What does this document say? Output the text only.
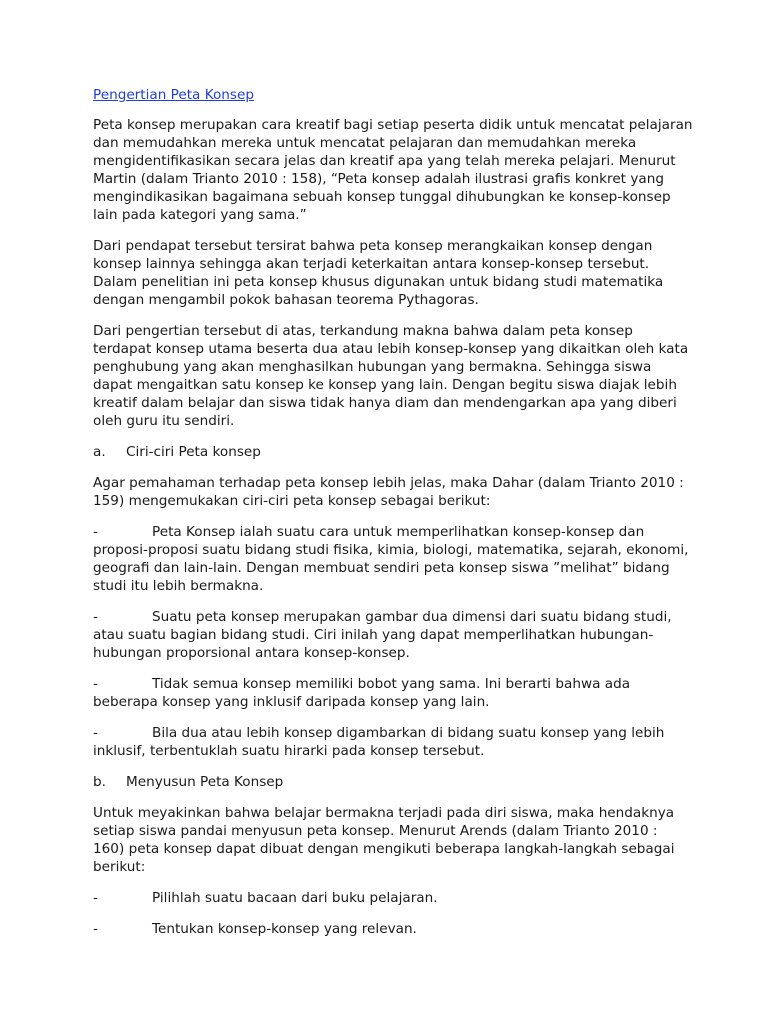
Pengertian Peta Konsep

Peta konsep merupakan cara kreatif bagi setiap peserta didik untuk mencatat pelajaran dan memudahkan mereka untuk mencatat pelajaran dan memudahkan mereka mengidentifikasikan secara jelas dan kreatif apa yang telah mereka pelajari. Menurut Martin (dalam Trianto 2010 : 158), “Peta konsep adalah ilustrasi grafis konkret yang mengindikasikan bagaimana sebuah konsep tunggal dihubungkan ke konsep-konsep lain pada kategori yang sama.”

Dari pendapat tersebut tersirat bahwa peta konsep merangkaikan konsep dengan konsep lainnya sehingga akan terjadi keterkaitan antara konsep-konsep tersebut. Dalam penelitian ini peta konsep khusus digunakan untuk bidang studi matematika dengan mengambil pokok bahasan teorema Pythagoras.

Dari pengertian tersebut di atas, terkandung makna bahwa dalam peta konsep terdapat konsep utama beserta dua atau lebih konsep-konsep yang dikaitkan oleh kata penghubung yang akan menghasilkan hubungan yang bermakna. Sehingga siswa dapat mengaitkan satu konsep ke konsep yang lain. Dengan begitu siswa diajak lebih kreatif dalam belajar dan siswa tidak hanya diam dan mendengarkan apa yang diberi oleh guru itu sendiri.

a. Ciri-ciri Peta konsep

Agar pemahaman terhadap peta konsep lebih jelas, maka Dahar (dalam Trianto 2010 : 159) mengemukakan ciri-ciri peta konsep sebagai berikut:

-	Peta Konsep ialah suatu cara untuk memperlihatkan konsep-konsep dan proposi-proposi suatu bidang studi fisika, kimia, biologi, matematika, sejarah, ekonomi, geografi dan lain-lain. Dengan membuat sendiri peta konsep siswa ”melihat” bidang studi itu lebih bermakna.
-	Suatu peta konsep merupakan gambar dua dimensi dari suatu bidang studi, atau suatu bagian bidang studi. Ciri inilah yang dapat memperlihatkan hubungan-hubungan proporsional antara konsep-konsep.
-	Tidak semua konsep memiliki bobot yang sama. Ini berarti bahwa ada beberapa konsep yang inklusif daripada konsep yang lain.
-	Bila dua atau lebih konsep digambarkan di bidang suatu konsep yang lebih inklusif, terbentuklah suatu hirarki pada konsep tersebut.
b. Menyusun Peta Konsep

Untuk meyakinkan bahwa belajar bermakna terjadi pada diri siswa, maka hendaknya setiap siswa pandai menyusun peta konsep. Menurut Arends (dalam Trianto 2010 : 160) peta konsep dapat dibuat dengan mengikuti beberapa langkah-langkah sebagai berikut:

-	Pilihlah suatu bacaan dari buku pelajaran.
-	Tentukan konsep-konsep yang relevan.
